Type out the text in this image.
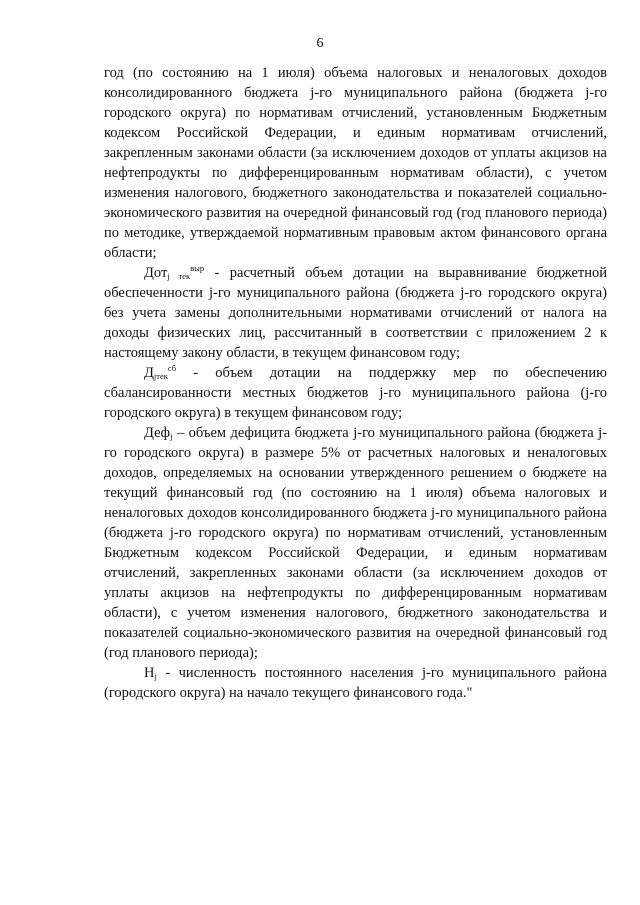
6

год (по состоянию на 1 июля) объема налоговых и неналоговых доходов консолидированного бюджета j-го муниципального района (бюджета j-го городского округа) по нормативам отчислений, установленным Бюджетным кодексом Российской Федерации, и единым нормативам отчислений, закрепленным законами области (за исключением доходов от уплаты акцизов на нефтепродукты по дифференцированным нормативам области), с учетом изменения налогового, бюджетного законодательства и показателей социально-экономического развития на очередной финансовый год (год планового периода) по методике, утверждаемой нормативным правовым актом финансового органа области;

Дот$_{j тек}^{выр}$ - расчетный объем дотации на выравнивание бюджетной обеспеченности j-го муниципального района (бюджета j-го городского округа) без учета замены дополнительными нормативами отчислений от налога на доходы физических лиц, рассчитанный в соответствии с приложением 2 к настоящему закону области, в текущем финансовом году;

$Д_{jтек}^{сб}$ - объем дотации на поддержку мер по обеспечению сбалансированности местных бюджетов j-го муниципального района (j-го городского округа) в текущем финансовом году;

Деф$_j$ – объем дефицита бюджета j-го муниципального района (бюджета j-го городского округа) в размере 5% от расчетных налоговых и неналоговых доходов, определяемых на основании утвержденного решением о бюджете на текущий финансовый год (по состоянию на 1 июля) объема налоговых и неналоговых доходов консолидированного бюджета j-го муниципального района (бюджета j-го городского округа) по нормативам отчислений, установленным Бюджетным кодексом Российской Федерации, и единым нормативам отчислений, закрепленных законами области (за исключением доходов от уплаты акцизов на нефтепродукты по дифференцированным нормативам области), с учетом изменения налогового, бюджетного законодательства и показателей социально-экономического развития на очередной финансовый год (год планового периода);

$Н_j$ - численность постоянного населения j-го муниципального района (городского округа) на начало текущего финансового года."
